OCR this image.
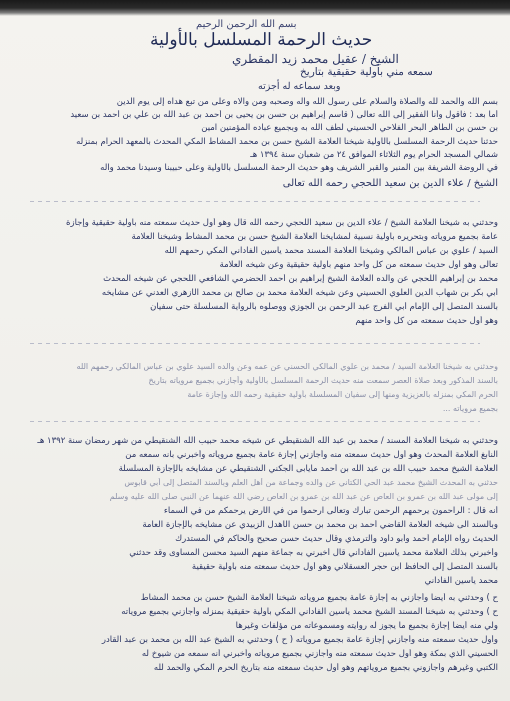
بسم الله الرحمن الرحيم
حديث الرحمة المسلسل بالأولية
الشيخ / عقيل محمد زيد المقطري
سمعه مني بأولية حقيقية بتاريخ
وبعد سماعه له أجزته
بسم الله والحمد لله والصلاة والسلام على رسول الله وآله وصحبه ومن والاه وعلى من تبع هداه إلى يوم الدين
أما بعد : فأقول وأنا الفقير إلى الله تعالى ( قاسم إبراهيم بن حسن بن يحيى بن أحمد بن عبد الله بن علي بن أحمد بن سعيد
بن حسن بن الطاهر البحر الفلاحي الحسيني لطف الله به وبجميع عباده المؤمنين آمين
حدثنا حديث الرحمة المسلسل بالأولية شيخنا العلامة الشيخ حسن بن محمد المشاط المكي المحدث بالمعهد الحرام بمنزله
شمالي المسجد الحرام يوم الثلاثاء الموافق ٢٤ من شعبان سنة ١٣٩٤ هـ
في الروضة الشريفة بين المنبر والقبر الشريف وهو حديث الرحمة المسلسل بالأولية وعلى حبيبنا وسيدنا محمد وآله
الشيخ / علاء الدين بن سعيد اللحجي رحمه الله تعالى
وحدثني به شيخنا العلامة الشيخ / علاء الدين بن سعيد اللحجي رحمه الله قال وهو أول حديث سمعته منه بأولية حقيقية وإجازة
عامة بجميع مروياته وبتحريره بأولية نسبية لمشايخنا العلامة الشيخ حسن بن محمد المشاط وشيخنا العلامة
السيد / علوي بن عباس المالكي وشيخنا العلامة المسند محمد ياسين الفاداني المكي رحمهم الله
تعالى وهو أول حديث سمعته من كل واحد منهم بأولية حقيقية وعن شيخه العلامة
محمد بن إبراهيم اللحجي عن والده العلامة الشيخ إبراهيم بن أحمد الحضرمي الشافعي اللحجي عن شيخه المحدث
أبي بكر بن شهاب الدين العلوي الحسيني وعن شيخه العلامة محمد بن صالح بن محمد الأزهري العدني عن مشايخه
بالسند المتصل إلى الإمام أبي الفرج عبد الرحمن بن الجوزي ووصلوه بالرواية المسلسلة حتى سفيان
وهو أول حديث سمعته من كل واحد منهم
وحدثني به شيخنا العلامة السيد / محمد بن علوي المالكي الحسني عن عمه وعن والده السيد علوي بن عباس المالكي رحمهم الله
بالسند المذكور وبعد صلاة العصر سمعت منه حديث الرحمة المسلسل بالأولية وأجازني بجميع مروياته بتاريخ
الحرم المكي بمنزله بالعزيزية ومنها إلى سفيان المسلسلة بأولية حقيقية رحمه الله وإجازة عامة
بجميع مروياته ...
وحدثني به شيخنا العلامة المسند / محمد بن عبد الله الشنقيطي عن شيخه محمد حبيب الله الشنقيطي من شهر رمضان سنة ١٣٩٢ هـ
النابغ العلامة المحدث وهو أول حديث سمعته منه وأجازني إجازة عامة بجميع مروياته وأخبرني بأنه سمعه من
العلامة الشيخ محمد حبيب الله بن عبد الله بن أحمد مايأبى الجكني الشنقيطي عن مشايخه بالإجازة المسلسلة
حدثني به المحدث الشيخ محمد عبد الحي الكتاني عن والده وجماعة من أهل العلم وبالسند المتصل إلى أبي قابوس
إلى مولى عبد الله بن عمرو بن العاص عن عبد الله بن عمرو بن العاص رضي الله عنهما عن النبي صلى الله عليه وسلم
أنه قال : الراحمون يرحمهم الرحمن تبارك وتعالى ارحموا من في الأرض يرحمكم من في السماء
وبالسند الى شيخه العلامة القاضي أحمد بن محمد بن حسن الأهدل الزبيدي عن مشايخه بالإجازة العامة
الحديث رواه الإمام أحمد وأبو داود والترمذي وقال حديث حسن صحيح والحاكم في المستدرك
وأخبرني بذلك العلامة محمد ياسين الفاداني قال أخبرني به جماعة منهم السيد محسن المساوى وقد حدثني
بالسند المتصل إلى الحافظ ابن حجر العسقلاني وهو أول حديث سمعته منه بأولية حقيقية
محمد ياسين الفاداني
ح ) وحدثني به أيضاً وأجازني به إجازة عامة بجميع مروياته شيخنا العلامة الشيخ حسن بن محمد المشاط
ح ) وحدثني به شيخنا المسند الشيخ محمد ياسين الفاداني المكي بأولية حقيقية بمنزله وأجازني بجميع مروياته
ولي منه أيضاً إجازة بجميع ما يجوز له روايته ومسموعاته من مؤلفات وغيرها
وأول حديث سمعته منه وأجازني إجازة عامة بجميع مروياته ( ح ) وحدثني به الشيخ عبد الله بن محمد بن عبد القادر
الحسيني الذي بمكة وهو أول حديث سمعته منه وأجازني بجميع مروياته وأخبرني أنه سمعه من شيوخ له
الكتبي وغيرهم وأجازوني بجميع مروياتهم وهو أول حديث سمعته منه بتاريخ الحرم المكي والحمد لله
